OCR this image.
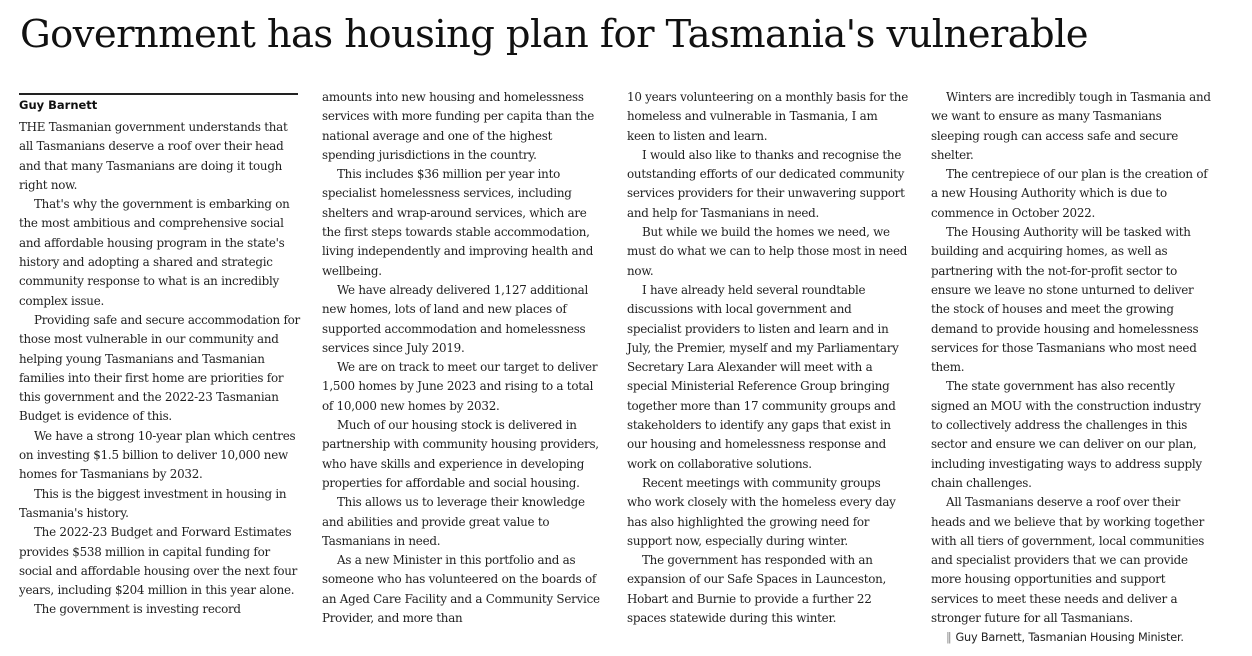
Government has housing plan for Tasmania's vulnerable
Guy Barnett

THE Tasmanian government understands that all Tasmanians deserve a roof over their head and that many Tasmanians are doing it tough right now.

That's why the government is embarking on the most ambitious and comprehensive social and affordable housing program in the state's history and adopting a shared and strategic community response to what is an incredibly complex issue.

Providing safe and secure accommodation for those most vulnerable in our community and helping young Tasmanians and Tasmanian families into their first home are priorities for this government and the 2022-23 Tasmanian Budget is evidence of this.

We have a strong 10-year plan which centres on investing $1.5 billion to deliver 10,000 new homes for Tasmanians by 2032.

This is the biggest investment in housing in Tasmania's history.

The 2022-23 Budget and Forward Estimates provides $538 million in capital funding for social and affordable housing over the next four years, including $204 million in this year alone.

The government is investing record

amounts into new housing and homelessness services with more funding per capita than the national average and one of the highest spending jurisdictions in the country.

This includes $36 million per year into specialist homelessness services, including shelters and wrap-around services, which are the first steps towards stable accommodation, living independently and improving health and wellbeing.

We have already delivered 1,127 additional new homes, lots of land and new places of supported accommodation and homelessness services since July 2019.

We are on track to meet our target to deliver 1,500 homes by June 2023 and rising to a total of 10,000 new homes by 2032.

Much of our housing stock is delivered in partnership with community housing providers, who have skills and experience in developing properties for affordable and social housing.

This allows us to leverage their knowledge and abilities and provide great value to Tasmanians in need.

As a new Minister in this portfolio and as someone who has volunteered on the boards of an Aged Care Facility and a Community Service Provider, and more than

10 years volunteering on a monthly basis for the homeless and vulnerable in Tasmania, I am keen to listen and learn.

I would also like to thanks and recognise the outstanding efforts of our dedicated community services providers for their unwavering support and help for Tasmanians in need.

But while we build the homes we need, we must do what we can to help those most in need now.

I have already held several roundtable discussions with local government and specialist providers to listen and learn and in July, the Premier, myself and my Parliamentary Secretary Lara Alexander will meet with a special Ministerial Reference Group bringing together more than 17 community groups and stakeholders to identify any gaps that exist in our housing and homelessness response and work on collaborative solutions.

Recent meetings with community groups who work closely with the homeless every day has also highlighted the growing need for support now, especially during winter.

The government has responded with an expansion of our Safe Spaces in Launceston, Hobart and Burnie to provide a further 22 spaces statewide during this winter.

Winters are incredibly tough in Tasmania and we want to ensure as many Tasmanians sleeping rough can access safe and secure shelter.

The centrepiece of our plan is the creation of a new Housing Authority which is due to commence in October 2022.

The Housing Authority will be tasked with building and acquiring homes, as well as partnering with the not-for-profit sector to ensure we leave no stone unturned to deliver the stock of houses and meet the growing demand to provide housing and homelessness services for those Tasmanians who most need them.

The state government has also recently signed an MOU with the construction industry to collectively address the challenges in this sector and ensure we can deliver on our plan, including investigating ways to address supply chain challenges.

All Tasmanians deserve a roof over their heads and we believe that by working together with all tiers of government, local communities and specialist providers that we can provide more housing opportunities and support services to meet these needs and deliver a stronger future for all Tasmanians.

‖ Guy Barnett, Tasmanian Housing Minister.
